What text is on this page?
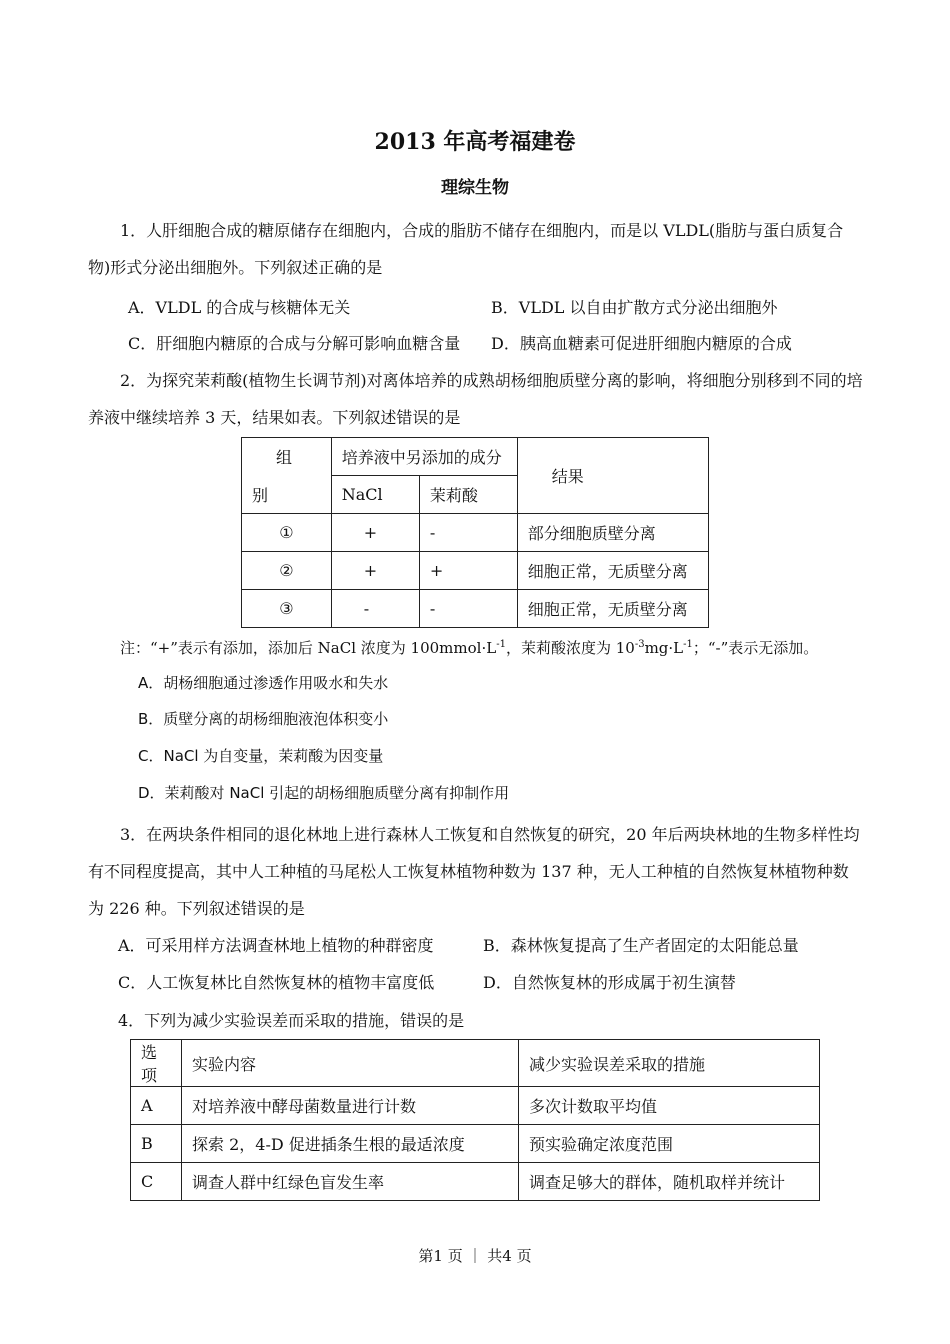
2013 年高考福建卷
理综生物
1．人肝细胞合成的糖原储存在细胞内，合成的脂肪不储存在细胞内，而是以 VLDL(脂肪与蛋白质复合物)形式分泌出细胞外。下列叙述正确的是
A．VLDL 的合成与核糖体无关	B．VLDL 以自由扩散方式分泌出细胞外
C．肝细胞内糖原的合成与分解可影响血糖含量 D．胰高血糖素可促进肝细胞内糖原的合成
2．为探究茉莉酸(植物生长调节剂)对离体培养的成熟胡杨细胞质壁分离的影响，将细胞分别移到不同的培养液中继续培养 3 天，结果如表。下列叙述错误的是
组	培养液中另添加的成分		结果
别	NaCl	茉莉酸	
①	+	-	部分细胞质壁分离
②	+	+	细胞正常，无质壁分离
③	-	-	细胞正常，无质壁分离
注：“+”表示有添加，添加后 NaCl 浓度为 $100mmol\cdot L^{-1}$，茉莉酸浓度为 $10^{-3}mg\cdot L^{-1}$；“-”表示无添加。
A．胡杨细胞通过渗透作用吸水和失水
B．质壁分离的胡杨细胞液泡体积变小
C．NaCl 为自变量，茉莉酸为因变量
D．茉莉酸对 NaCl 引起的胡杨细胞质壁分离有抑制作用
3．在两块条件相同的退化林地上进行森林人工恢复和自然恢复的研究，20 年后两块林地的生物多样性均有不同程度提高，其中人工种植的马尾松人工恢复林植物种数为 137 种，无人工种植的自然恢复林植物种数为 226 种。下列叙述错误的是
A．可采用样方法调查林地上植物的种群密度	B．森林恢复提高了生产者固定的太阳能总量
C．人工恢复林比自然恢复林的植物丰富度低	D．自然恢复林的形成属于初生演替
4．下列为减少实验误差而采取的措施，错误的是
选项	实验内容	减少实验误差采取的措施
A	对培养液中酵母菌数量进行计数	多次计数取平均值
B	探索 2，4-D 促进插条生根的最适浓度	预实验确定浓度范围
C	调查人群中红绿色盲发生率	调查足够大的群体，随机取样并统计
第1 页 ｜ 共4 页
